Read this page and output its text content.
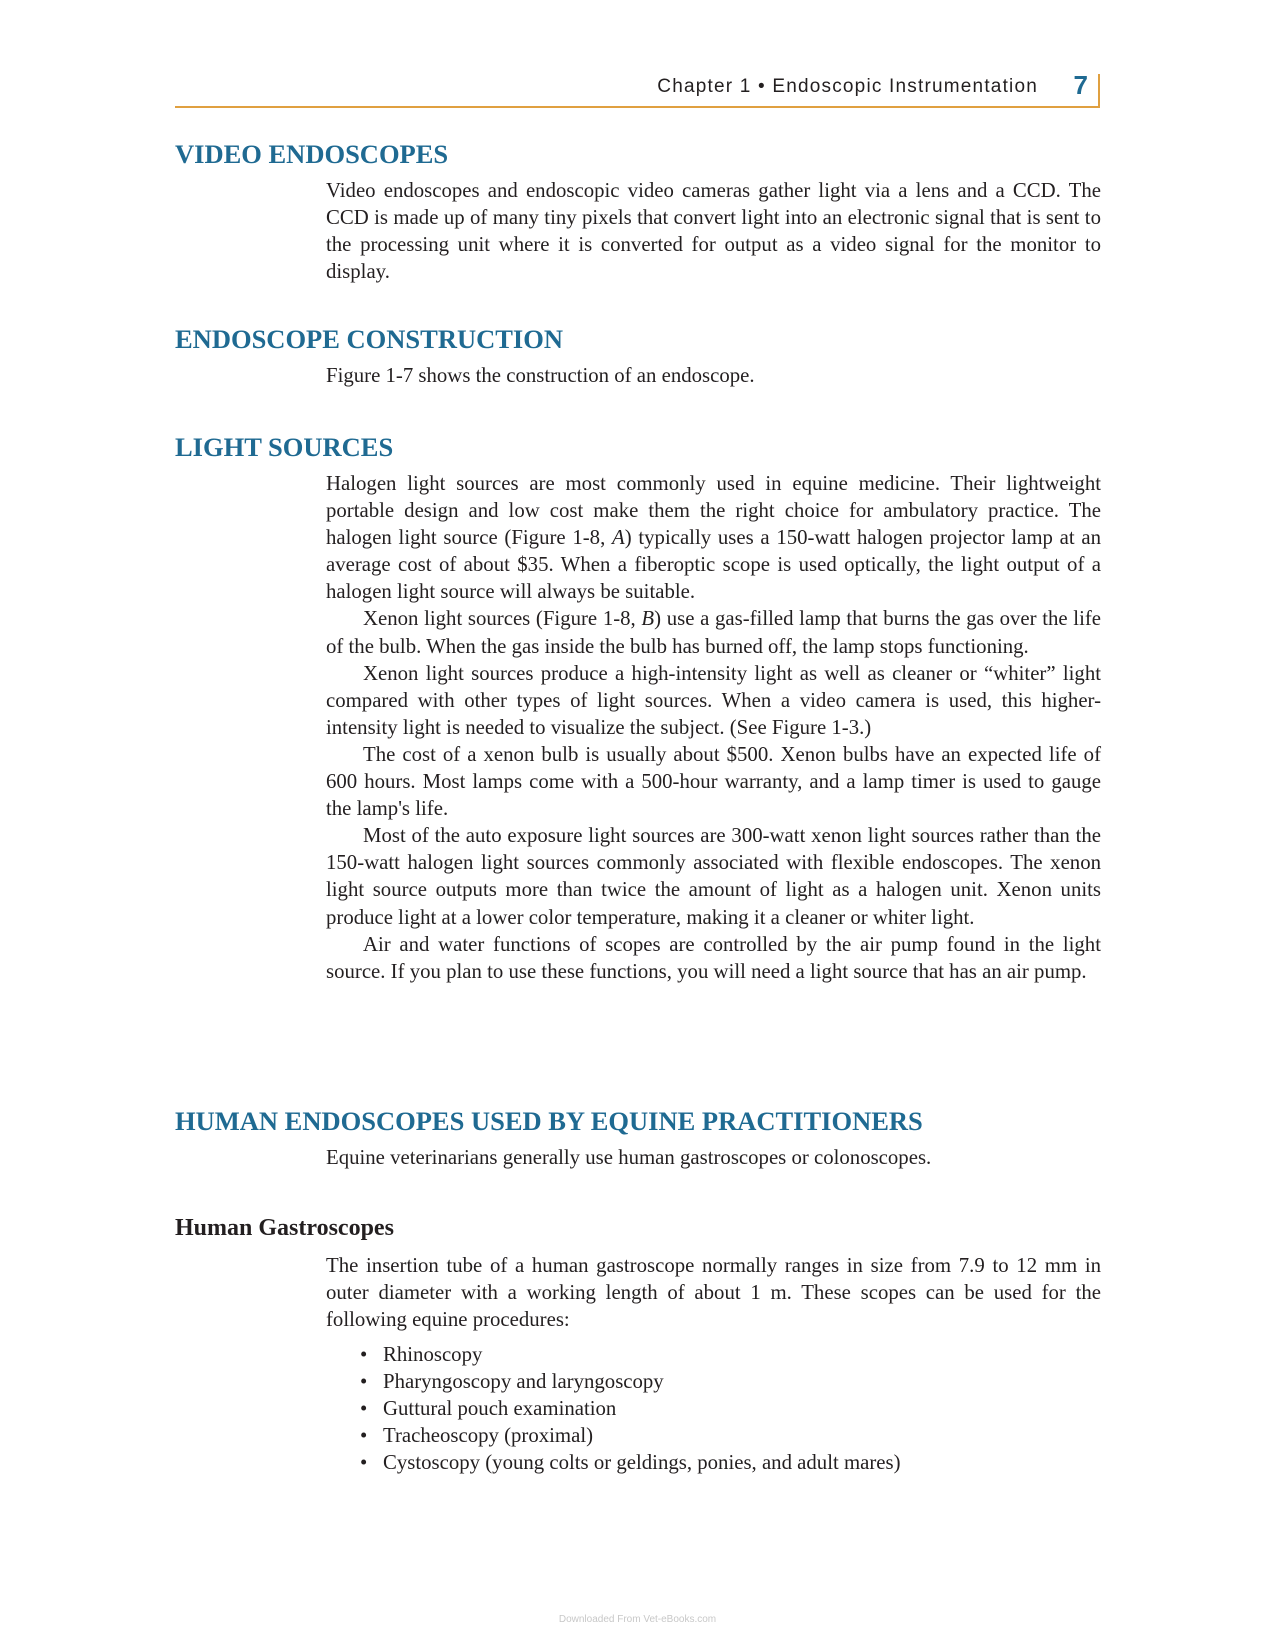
Chapter 1 • Endoscopic Instrumentation 7
VIDEO ENDOSCOPES

Video endoscopes and endoscopic video cameras gather light via a lens and a CCD. The CCD is made up of many tiny pixels that convert light into an electronic signal that is sent to the processing unit where it is converted for output as a video signal for the monitor to display.

ENDOSCOPE CONSTRUCTION

Figure 1-7 shows the construction of an endoscope.

LIGHT SOURCES

Halogen light sources are most commonly used in equine medicine. Their lightweight portable design and low cost make them the right choice for ambulatory practice. The halogen light source (Figure 1-8, A) typically uses a 150-watt halogen projector lamp at an average cost of about $35. When a fiberoptic scope is used optically, the light output of a halogen light source will always be suitable.

Xenon light sources (Figure 1-8, B) use a gas-filled lamp that burns the gas over the life of the bulb. When the gas inside the bulb has burned off, the lamp stops functioning.

Xenon light sources produce a high-intensity light as well as cleaner or “whiter” light compared with other types of light sources. When a video camera is used, this higher-intensity light is needed to visualize the subject. (See Figure 1-3.)

The cost of a xenon bulb is usually about $500. Xenon bulbs have an expected life of 600 hours. Most lamps come with a 500-hour warranty, and a lamp timer is used to gauge the lamp's life.

Most of the auto exposure light sources are 300-watt xenon light sources rather than the 150-watt halogen light sources commonly associated with flexible endoscopes. The xenon light source outputs more than twice the amount of light as a halogen unit. Xenon units produce light at a lower color temperature, making it a cleaner or whiter light.

Air and water functions of scopes are controlled by the air pump found in the light source. If you plan to use these functions, you will need a light source that has an air pump.

HUMAN ENDOSCOPES USED BY EQUINE PRACTITIONERS

Equine veterinarians generally use human gastroscopes or colonoscopes.

Human Gastroscopes

The insertion tube of a human gastroscope normally ranges in size from 7.9 to 12 mm in outer diameter with a working length of about 1 m. These scopes can be used for the following equine procedures:

• Rhinoscopy
• Pharyngoscopy and laryngoscopy
• Guttural pouch examination
• Tracheoscopy (proximal)
• Cystoscopy (young colts or geldings, ponies, and adult mares)
Downloaded From Vet-eBooks.com
